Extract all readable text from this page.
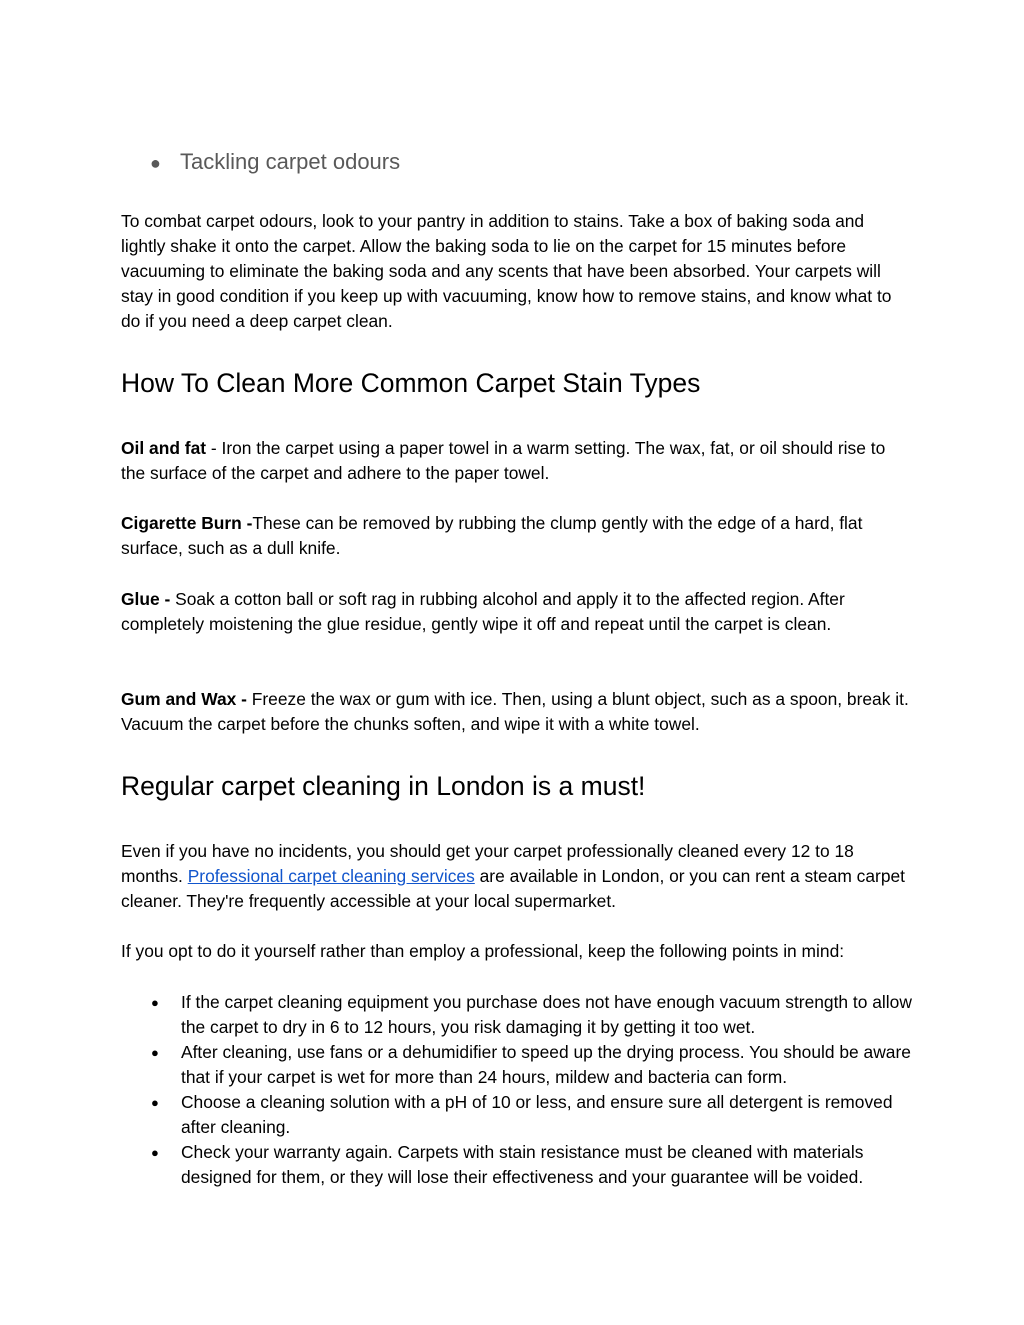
● Tackling carpet odours
To combat carpet odours, look to your pantry in addition to stains. Take a box of baking soda and lightly shake it onto the carpet. Allow the baking soda to lie on the carpet for 15 minutes before vacuuming to eliminate the baking soda and any scents that have been absorbed. Your carpets will stay in good condition if you keep up with vacuuming, know how to remove stains, and know what to do if you need a deep carpet clean.
How To Clean More Common Carpet Stain Types
Oil and fat - Iron the carpet using a paper towel in a warm setting. The wax, fat, or oil should rise to the surface of the carpet and adhere to the paper towel.
Cigarette Burn -These can be removed by rubbing the clump gently with the edge of a hard, flat surface, such as a dull knife.
Glue - Soak a cotton ball or soft rag in rubbing alcohol and apply it to the affected region. After completely moistening the glue residue, gently wipe it off and repeat until the carpet is clean.
Gum and Wax - Freeze the wax or gum with ice. Then, using a blunt object, such as a spoon, break it. Vacuum the carpet before the chunks soften, and wipe it with a white towel.
Regular carpet cleaning in London is a must!
Even if you have no incidents, you should get your carpet professionally cleaned every 12 to 18 months. Professional carpet cleaning services are available in London, or you can rent a steam carpet cleaner. They're frequently accessible at your local supermarket.
If you opt to do it yourself rather than employ a professional, keep the following points in mind:
● If the carpet cleaning equipment you purchase does not have enough vacuum strength to allow the carpet to dry in 6 to 12 hours, you risk damaging it by getting it too wet.
● After cleaning, use fans or a dehumidifier to speed up the drying process. You should be aware that if your carpet is wet for more than 24 hours, mildew and bacteria can form.
● Choose a cleaning solution with a pH of 10 or less, and ensure sure all detergent is removed after cleaning.
● Check your warranty again. Carpets with stain resistance must be cleaned with materials designed for them, or they will lose their effectiveness and your guarantee will be voided.
